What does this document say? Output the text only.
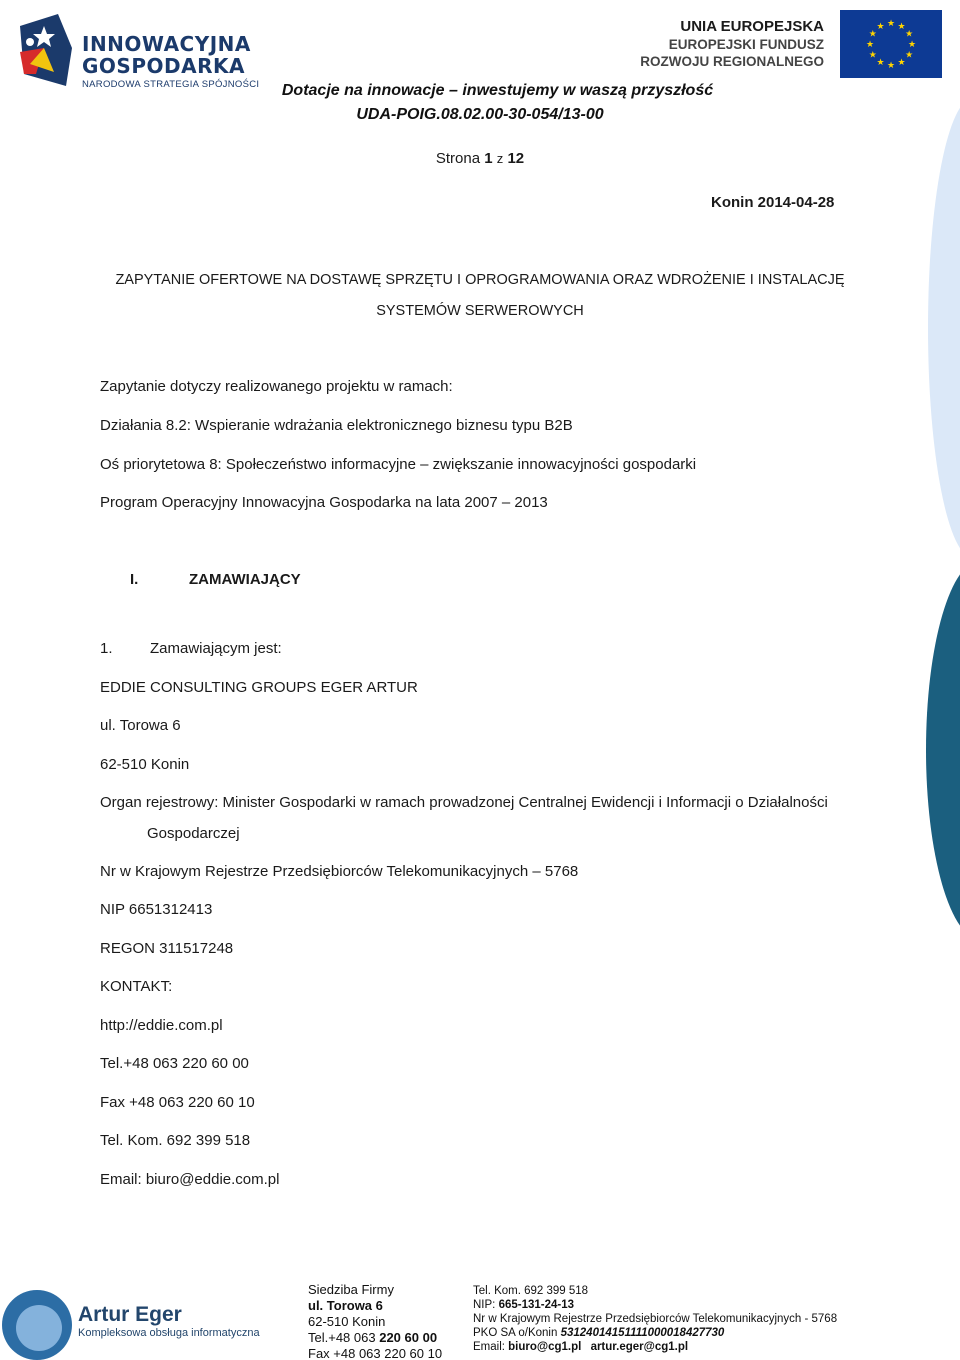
INNOWACYJNA
GOSPODARKA
NARODOWA STRATEGIA SPÓJNOŚCI
UNIA EUROPEJSKA
EUROPEJSKI FUNDUSZ
ROZWOJU REGIONALNEGO
★ ★
★
★
★
★
★
★
★
★
★
★
Dotacje na innowacje – inwestujemy w waszą przyszłość
UDA-POIG.08.02.00-30-054/13-00
Strona 1 z 12
Konin 2014-04-28
ZAPYTANIE OFERTOWE NA DOSTAWĘ SPRZĘTU I OPROGRAMOWANIA ORAZ WDROŻENIE I INSTALACJĘ
SYSTEMÓW SERWEROWYCH
Zapytanie dotyczy realizowanego projektu w ramach:
Działania 8.2: Wspieranie wdrażania elektronicznego biznesu typu B2B
Oś priorytetowa 8: Społeczeństwo informacyjne – zwiększanie innowacyjności gospodarki
Program Operacyjny Innowacyjna Gospodarka na lata 2007 – 2013
I.	ZAMAWIAJĄCY
1. Zamawiającym jest:
EDDIE CONSULTING GROUPS EGER ARTUR
ul. Torowa 6
62-510 Konin
Organ rejestrowy: Minister Gospodarki w ramach prowadzonej Centralnej Ewidencji i Informacji o Działalności
Gospodarczej
Nr w Krajowym Rejestrze Przedsiębiorców Telekomunikacyjnych – 5768
NIP 6651312413
REGON 311517248
KONTAKT:
http://eddie.com.pl
Tel.+48 063 220 60 00
Fax +48 063 220 60 10
Tel. Kom. 692 399 518
Email: biuro@eddie.com.pl
Artur Eger
Kompleksowa obsługa informatyczna
Siedziba Firmy
ul. Torowa 6
62-510 Konin
Tel.+48 063 220 60 00
Fax +48 063 220 60 10
Tel. Kom. 692 399 518
NIP: 665-131-24-13
Nr w Krajowym Rejestrze Przedsiębiorców Telekomunikacyjnych - 5768
PKO SA o/Konin 53124014151111000018427730
Email: biuro@cg1.pl artur.eger@cg1.pl
